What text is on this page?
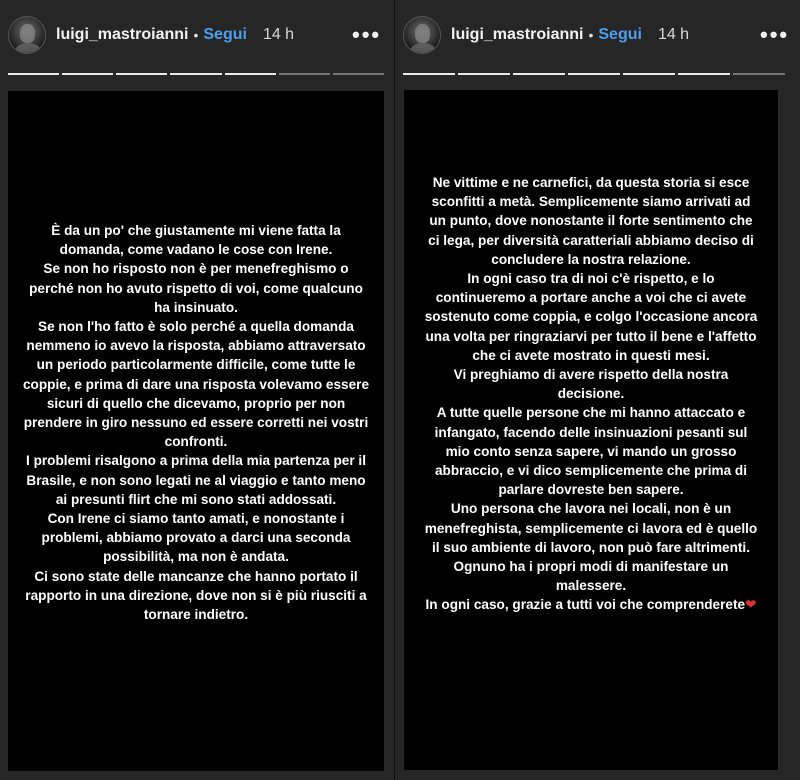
luigi_mastroianni • Segui 14 h	•••

È da un po' che giustamente mi viene fatta la domanda, come vadano le cose con Irene.

Se non ho risposto non è per menefreghismo o perché non ho avuto rispetto di voi, come qualcuno ha insinuato.

Se non l'ho fatto è solo perché a quella domanda nemmeno io avevo la risposta, abbiamo attraversato un periodo particolarmente difficile, come tutte le coppie, e prima di dare una risposta volevamo essere sicuri di quello che dicevamo, proprio per non prendere in giro nessuno ed essere corretti nei vostri confronti.

I problemi risalgono a prima della mia partenza per il Brasile, e non sono legati ne al viaggio e tanto meno ai presunti flirt che mi sono stati addossati.

Con Irene ci siamo tanto amati, e nonostante i problemi, abbiamo provato a darci una seconda possibilità, ma non è andata.

Ci sono state delle mancanze che hanno portato il rapporto in una direzione, dove non si è più riusciti a tornare indietro.

luigi_mastroianni • Segui 14 h	•••

Ne vittime e ne carnefici, da questa storia si esce sconfitti a metà. Semplicemente siamo arrivati ad un punto, dove nonostante il forte sentimento che ci lega, per diversità caratteriali abbiamo deciso di concludere la nostra relazione.

In ogni caso tra di noi c'è rispetto, e lo continueremo a portare anche a voi che ci avete sostenuto come coppia, e colgo l'occasione ancora una volta per ringraziarvi per tutto il bene e l'affetto che ci avete mostrato in questi mesi.

Vi preghiamo di avere rispetto della nostra decisione.

A tutte quelle persone che mi hanno attaccato e infangato, facendo delle insinuazioni pesanti sul mio conto senza sapere, vi mando un grosso abbraccio, e vi dico semplicemente che prima di parlare dovreste ben sapere.

Uno persona che lavora nei locali, non è un menefreghista, semplicemente ci lavora ed è quello il suo ambiente di lavoro, non può fare altrimenti.

Ognuno ha i propri modi di manifestare un malessere.

In ogni caso, grazie a tutti voi che comprenderete❤
